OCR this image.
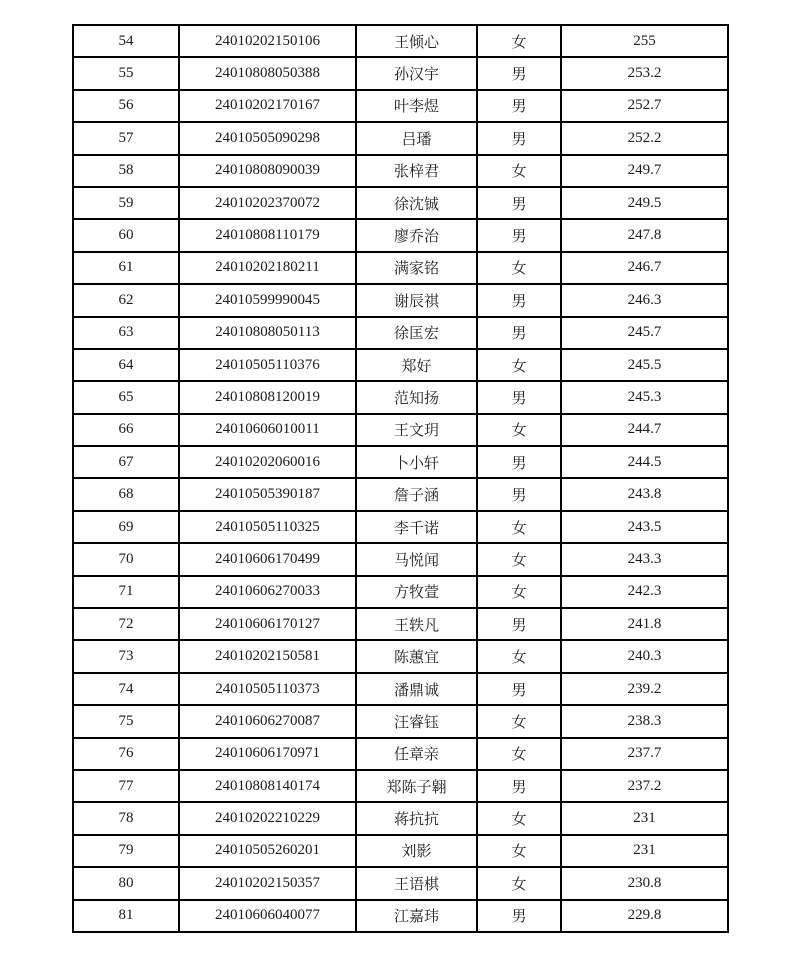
54	24010202150106	王倾心	女	255
55	24010808050388	孙汉宇	男	253.2
56	24010202170167	叶李煜	男	252.7
57	24010505090298	吕璠	男	252.2
58	24010808090039	张梓君	女	249.7
59	24010202370072	徐沈铖	男	249.5
60	24010808110179	廖乔治	男	247.8
61	24010202180211	满家铭	女	246.7
62	24010599990045	谢辰祺	男	246.3
63	24010808050113	徐匡宏	男	245.7
64	24010505110376	郑好	女	245.5
65	24010808120019	范知扬	男	245.3
66	24010606010011	王文玥	女	244.7
67	24010202060016	卜小轩	男	244.5
68	24010505390187	詹子涵	男	243.8
69	24010505110325	李千诺	女	243.5
70	24010606170499	马悦闻	女	243.3
71	24010606270033	方牧萱	女	242.3
72	24010606170127	王轶凡	男	241.8
73	24010202150581	陈蕙宜	女	240.3
74	24010505110373	潘鼎诚	男	239.2
75	24010606270087	汪睿钰	女	238.3
76	24010606170971	任章亲	女	237.7
77	24010808140174	郑陈子翱	男	237.2
78	24010202210229	蒋抗抗	女	231
79	24010505260201	刘影	女	231
80	24010202150357	王语棋	女	230.8
81	24010606040077	江嘉玮	男	229.8
